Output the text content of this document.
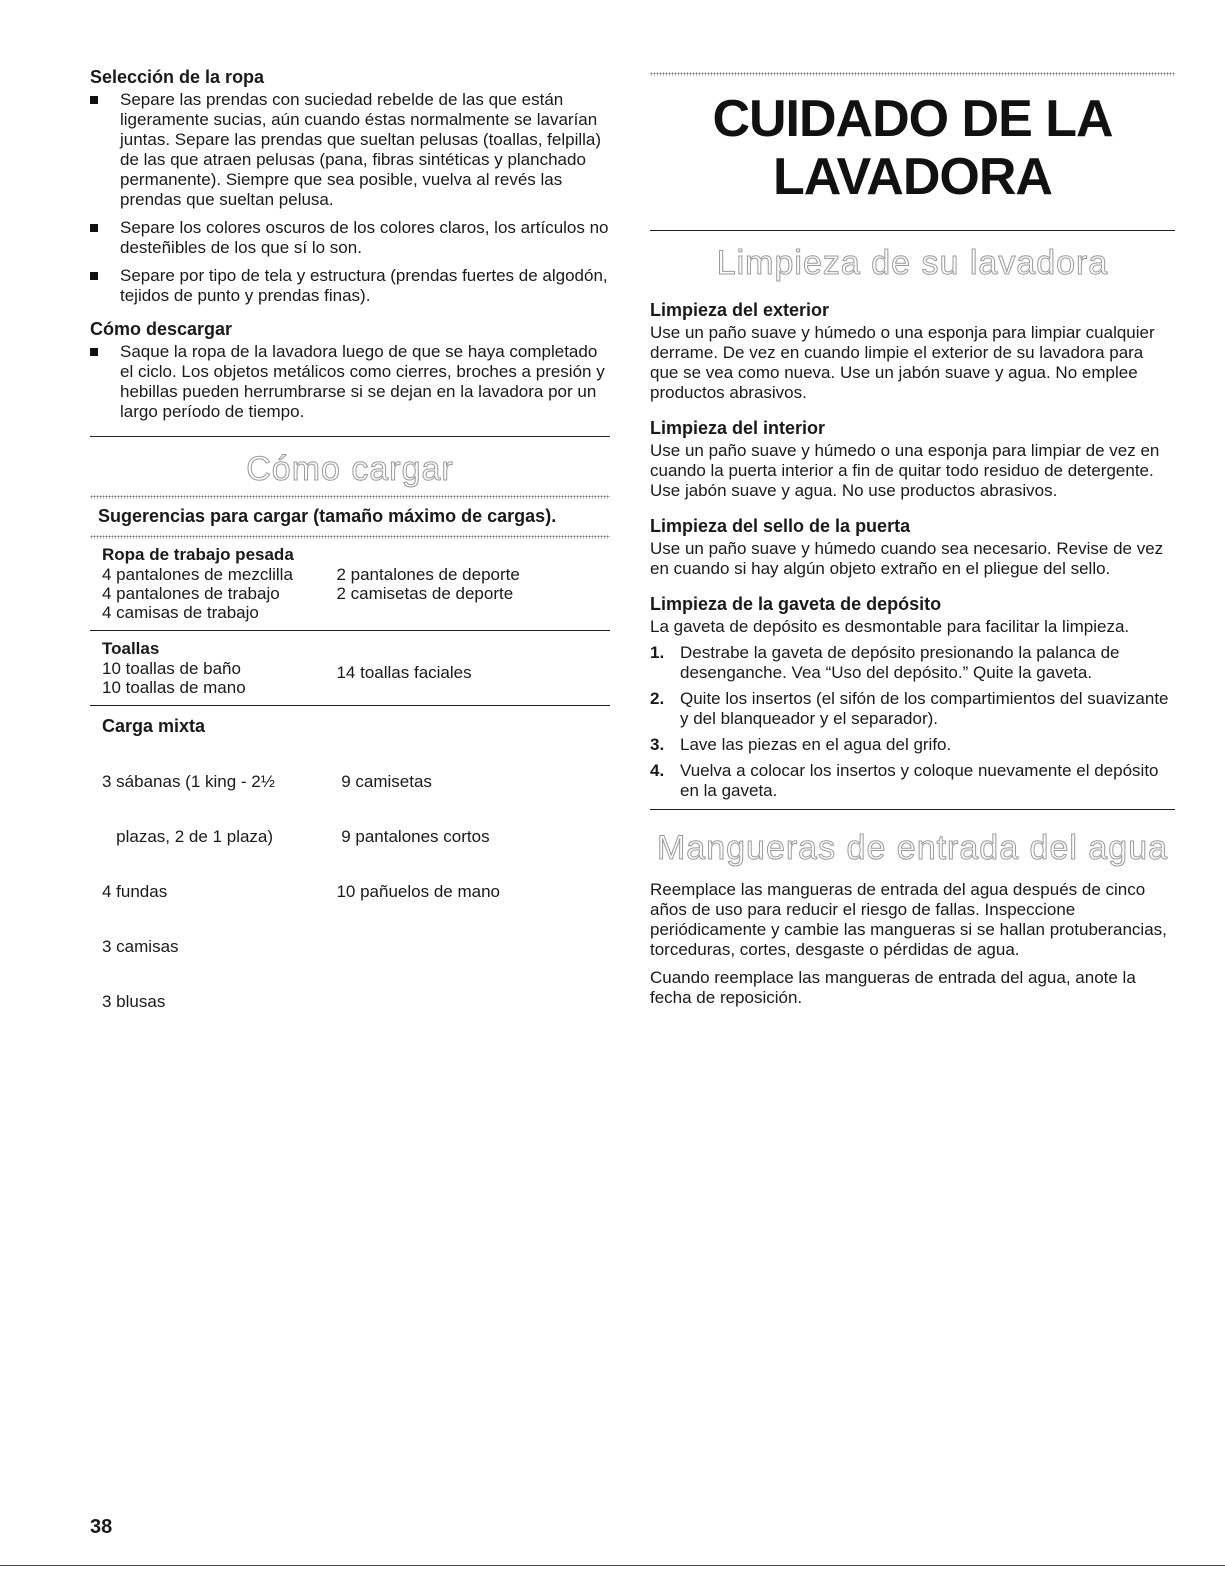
Selección de la ropa
Separe las prendas con suciedad rebelde de las que están ligeramente sucias, aún cuando éstas normalmente se lavarían juntas. Separe las prendas que sueltan pelusas (toallas, felpilla) de las que atraen pelusas (pana, fibras sintéticas y planchado permanente). Siempre que sea posible, vuelva al revés las prendas que sueltan pelusa.
Separe los colores oscuros de los colores claros, los artículos no desteñibles de los que sí lo son.
Separe por tipo de tela y estructura (prendas fuertes de algodón, tejidos de punto y prendas finas).
Cómo descargar
Saque la ropa de la lavadora luego de que se haya completado el ciclo. Los objetos metálicos como cierres, broches a presión y hebillas pueden herrumbrarse si se dejan en la lavadora por un largo período de tiempo.
Cómo cargar
Sugerencias para cargar (tamaño máximo de cargas).
Ropa de trabajo pesada
4 pantalones de mezclilla
4 pantalones de trabajo
4 camisas de trabajo
2 pantalones de deporte
2 camisetas de deporte
Toallas
10 toallas de baño
10 toallas de mano
14 toallas faciales
Carga mixta

3 sábanas (1 king - 2½

plazas, 2 de 1 plaza)

4 fundas

3 camisas

3 blusas

9 camisetas

9 pantalones cortos

10 pañuelos de mano

CUIDADO DE LA
LAVADORA
Limpieza de su lavadora
Limpieza del exterior

Use un paño suave y húmedo o una esponja para limpiar cualquier derrame. De vez en cuando limpie el exterior de su lavadora para que se vea como nueva. Use un jabón suave y agua. No emplee productos abrasivos.

Limpieza del interior

Use un paño suave y húmedo o una esponja para limpiar de vez en cuando la puerta interior a fin de quitar todo residuo de detergente. Use jabón suave y agua. No use productos abrasivos.

Limpieza del sello de la puerta

Use un paño suave y húmedo cuando sea necesario. Revise de vez en cuando si hay algún objeto extraño en el pliegue del sello.

Limpieza de la gaveta de depósito

La gaveta de depósito es desmontable para facilitar la limpieza.

1. Destrabe la gaveta de depósito presionando la palanca de desenganche. Vea “Uso del depósito.” Quite la gaveta.
2. Quite los insertos (el sifón de los compartimientos del suavizante y del blanqueador y el separador).
3. Lave las piezas en el agua del grifo.
4. Vuelva a colocar los insertos y coloque nuevamente el depósito en la gaveta.
Mangueras de entrada del agua

Reemplace las mangueras de entrada del agua después de cinco años de uso para reducir el riesgo de fallas. Inspeccione periódicamente y cambie las mangueras si se hallan protuberancias, torceduras, cortes, desgaste o pérdidas de agua.

Cuando reemplace las mangueras de entrada del agua, anote la fecha de reposición.

38
